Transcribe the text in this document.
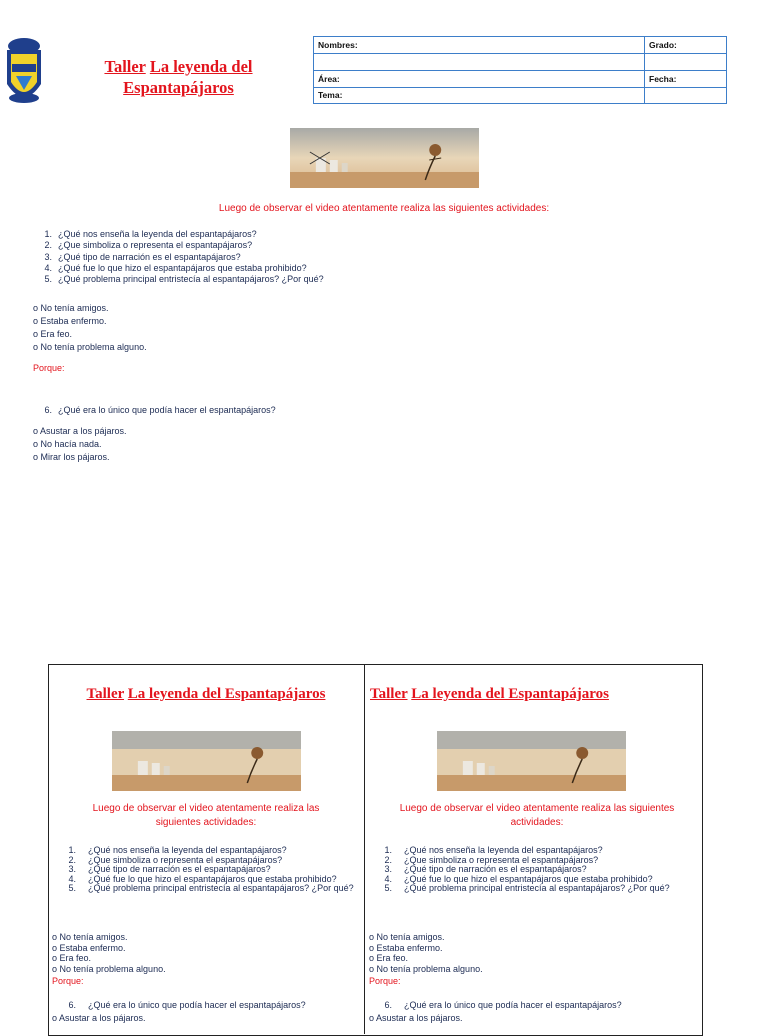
Taller La leyenda del Espantapájaros
Nombres:	Grado:

Área:	Fecha:
Tema:	
Luego de observar el video atentamente realiza las siguientes actividades:
1. ¿Qué nos enseña la leyenda del espantapájaros?
2. ¿Que simboliza o representa el espantapájaros?
3. ¿Qué tipo de narración es el espantapájaros?
4. ¿Qué fue lo que hizo el espantapájaros que estaba prohibido?
5. ¿Qué problema principal entristecía al espantapájaros? ¿Por qué?
o No tenía amigos.
o Estaba enfermo.
o Era feo.
o No tenía problema alguno.
Porque:
6. ¿Qué era lo único que podía hacer el espantapájaros?
o Asustar a los pájaros.
o No hacía nada.
o Mirar los pájaros.
Taller La leyenda del Espantapájaros
Luego de observar el video atentamente realiza las siguientes actividades:
1. ¿Qué nos enseña la leyenda del espantapájaros?
2. ¿Que simboliza o representa el espantapájaros?
3. ¿Qué tipo de narración es el espantapájaros?
4. ¿Qué fue lo que hizo el espantapájaros que estaba prohibido?
5. ¿Qué problema principal entristecía al espantapájaros? ¿Por qué?
o No tenía amigos.
o Estaba enfermo.
o Era feo.
o No tenía problema alguno.
Porque:
6. ¿Qué era lo único que podía hacer el espantapájaros?
o Asustar a los pájaros.
Taller La leyenda del Espantapájaros
Luego de observar el video atentamente realiza las siguientes actividades:
1. ¿Qué nos enseña la leyenda del espantapájaros?
2. ¿Que simboliza o representa el espantapájaros?
3. ¿Qué tipo de narración es el espantapájaros?
4. ¿Qué fue lo que hizo el espantapájaros que estaba prohibido?
5. ¿Qué problema principal entristecía al espantapájaros? ¿Por qué?
o No tenía amigos.
o Estaba enfermo.
o Era feo.
o No tenía problema alguno.
Porque:
6. ¿Qué era lo único que podía hacer el espantapájaros?
o Asustar a los pájaros.
